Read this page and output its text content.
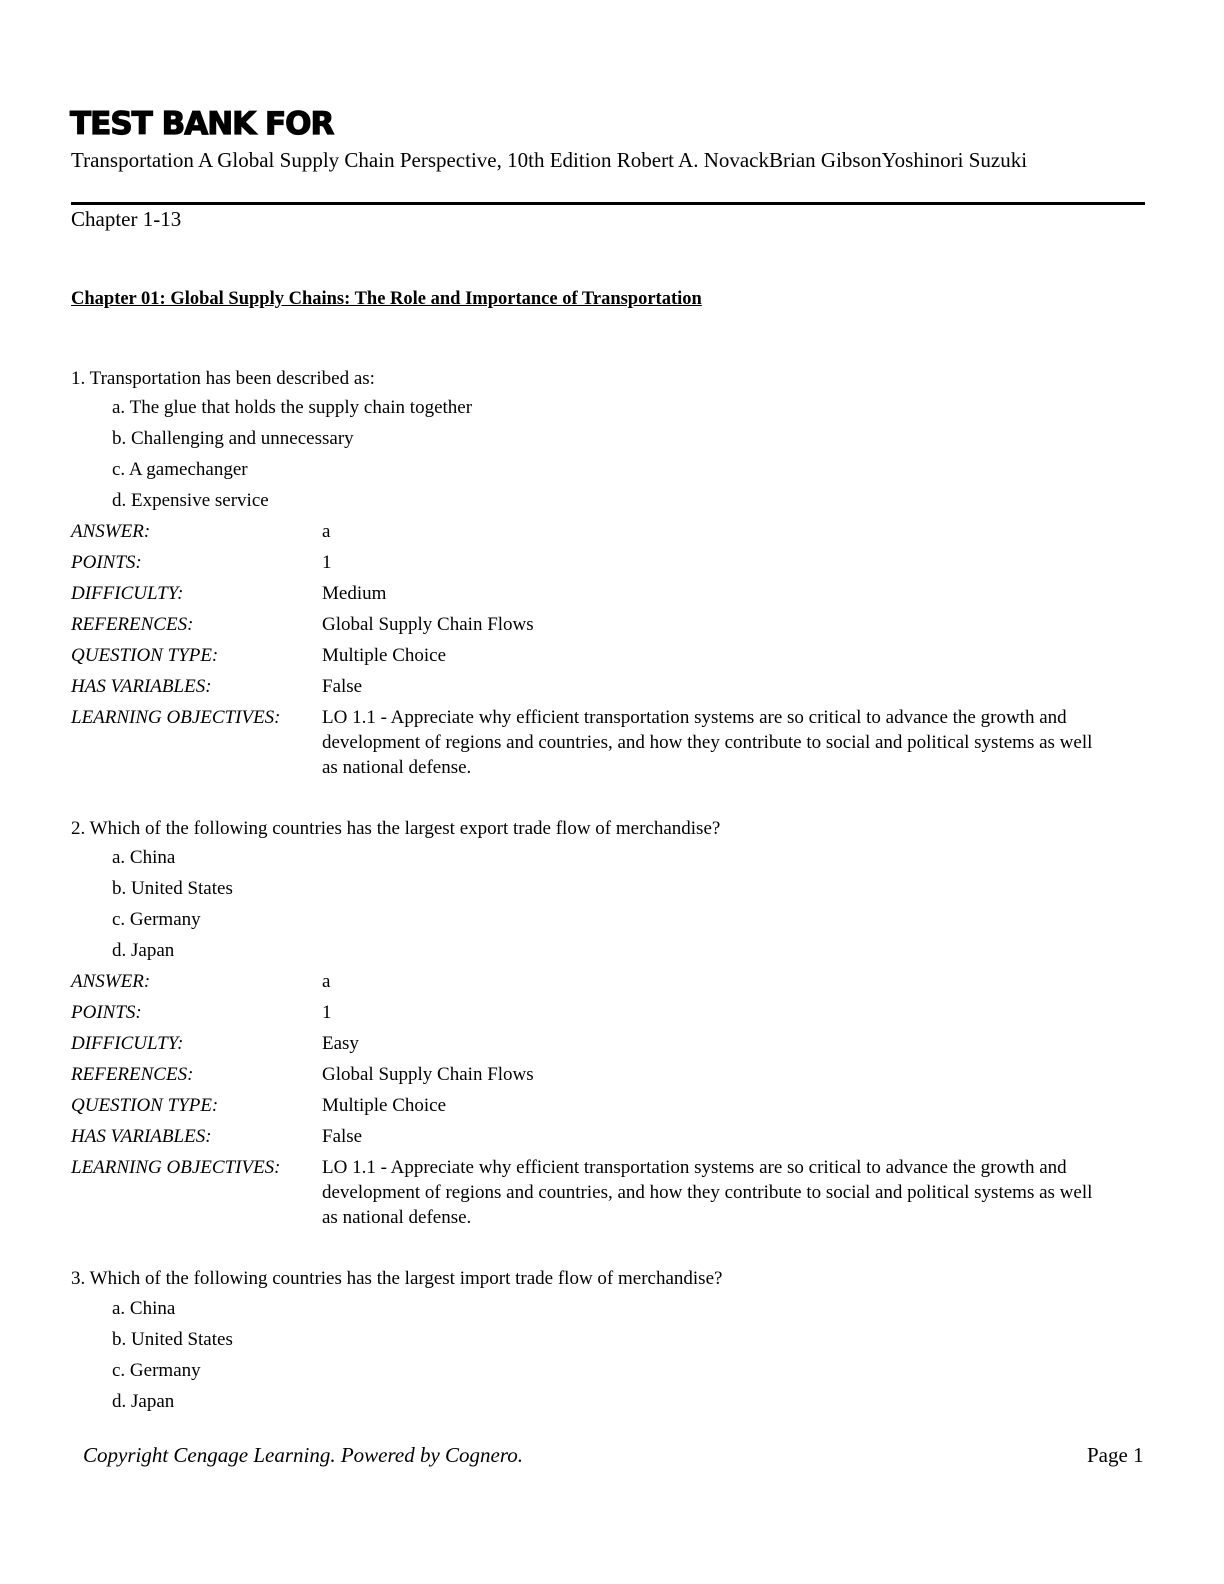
TEST BANK FOR
Transportation A Global Supply Chain Perspective, 10th Edition Robert A. NovackBrian GibsonYoshinori Suzuki
Chapter 1-13
Chapter 01: Global Supply Chains: The Role and Importance of Transportation
1. Transportation has been described as:
a. The glue that holds the supply chain together
b. Challenging and unnecessary
c. A gamechanger
d. Expensive service
ANSWER:	a
POINTS:	1
DIFFICULTY:	Medium
REFERENCES:	Global Supply Chain Flows
QUESTION TYPE:	Multiple Choice
HAS VARIABLES:	False
LEARNING OBJECTIVES: LO 1.1 - Appreciate why efficient transportation systems are so critical to advance the growth and development of regions and countries, and how they contribute to social and political systems as well as national defense.
2. Which of the following countries has the largest export trade flow of merchandise?
a. China
b. United States
c. Germany
d. Japan
ANSWER:	a
POINTS:	1
DIFFICULTY:	Easy
REFERENCES:	Global Supply Chain Flows
QUESTION TYPE:	Multiple Choice
HAS VARIABLES:	False
LEARNING OBJECTIVES: LO 1.1 - Appreciate why efficient transportation systems are so critical to advance the growth and development of regions and countries, and how they contribute to social and political systems as well as national defense.
3. Which of the following countries has the largest import trade flow of merchandise?
a. China
b. United States
c. Germany
d. Japan
Copyright Cengage Learning. Powered by Cognero.	Page 1
